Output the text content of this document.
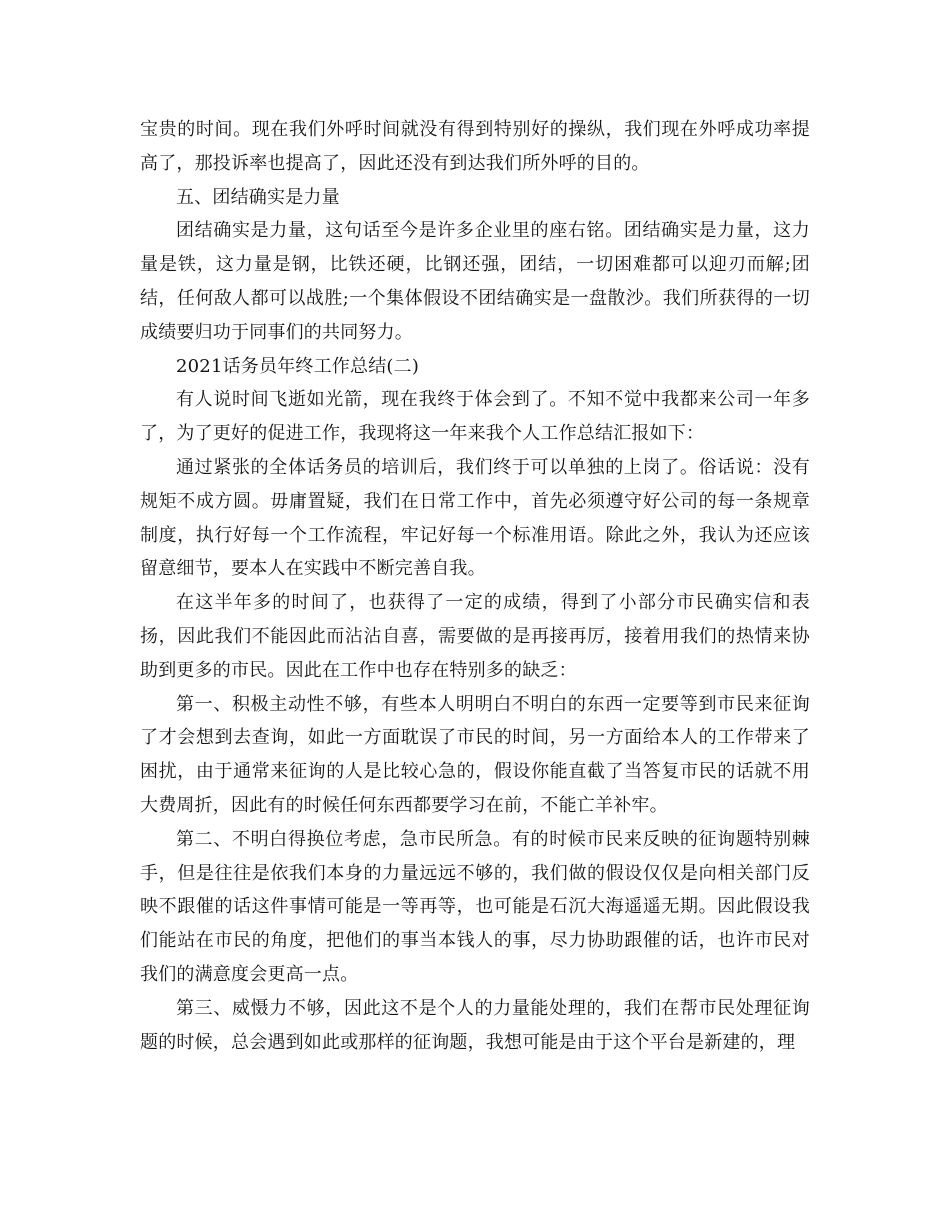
宝贵的时间。现在我们外呼时间就没有得到特别好的操纵，我们现在外呼成功率提高了，那投诉率也提高了，因此还没有到达我们所外呼的目的。

五、团结确实是力量

团结确实是力量，这句话至今是许多企业里的座右铭。团结确实是力量，这力量是铁，这力量是钢，比铁还硬，比钢还强，团结，一切困难都可以迎刃而解;团结，任何敌人都可以战胜;一个集体假设不团结确实是一盘散沙。我们所获得的一切成绩要归功于同事们的共同努力。

2021话务员年终工作总结(二)

有人说时间飞逝如光箭，现在我终于体会到了。不知不觉中我都来公司一年多了，为了更好的促进工作，我现将这一年来我个人工作总结汇报如下：

通过紧张的全体话务员的培训后，我们终于可以单独的上岗了。俗话说：没有规矩不成方圆。毋庸置疑，我们在日常工作中，首先必须遵守好公司的每一条规章制度，执行好每一个工作流程，牢记好每一个标准用语。除此之外，我认为还应该留意细节，要本人在实践中不断完善自我。

在这半年多的时间了，也获得了一定的成绩，得到了小部分市民确实信和表扬，因此我们不能因此而沾沾自喜，需要做的是再接再厉，接着用我们的热情来协助到更多的市民。因此在工作中也存在特别多的缺乏：

第一、积极主动性不够，有些本人明明白不明白的东西一定要等到市民来征询了才会想到去查询，如此一方面耽误了市民的时间，另一方面给本人的工作带来了困扰，由于通常来征询的人是比较心急的，假设你能直截了当答复市民的话就不用大费周折，因此有的时候任何东西都要学习在前，不能亡羊补牢。

第二、不明白得换位考虑，急市民所急。有的时候市民来反映的征询题特别棘手，但是往往是依我们本身的力量远远不够的，我们做的假设仅仅是向相关部门反映不跟催的话这件事情可能是一等再等，也可能是石沉大海遥遥无期。因此假设我们能站在市民的角度，把他们的事当本钱人的事，尽力协助跟催的话，也许市民对我们的满意度会更高一点。

第三、威慑力不够，因此这不是个人的力量能处理的，我们在帮市民处理征询题的时候，总会遇到如此或那样的征询题，我想可能是由于这个平台是新建的，理
